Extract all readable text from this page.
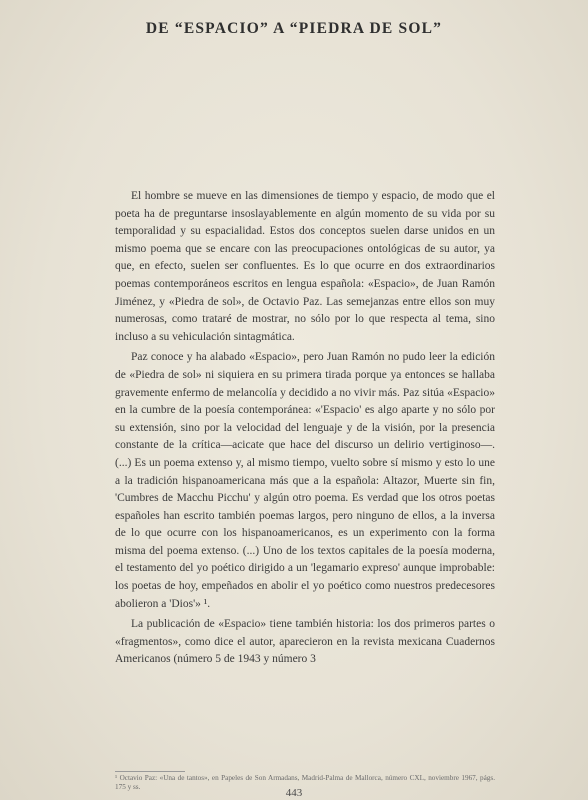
DE “ESPACIO” A “PIEDRA DE SOL”

El hombre se mueve en las dimensiones de tiempo y espacio, de modo que el poeta ha de preguntarse insoslayablemente en algún momento de su vida por su temporalidad y su espacialidad. Estos dos conceptos suelen darse unidos en un mismo poema que se encare con las preocupaciones ontológicas de su autor, ya que, en efecto, suelen ser confluentes. Es lo que ocurre en dos extraordinarios poemas contemporáneos escritos en lengua española: «Espacio», de Juan Ramón Jiménez, y «Piedra de sol», de Octavio Paz. Las semejanzas entre ellos son muy numerosas, como trataré de mostrar, no sólo por lo que respecta al tema, sino incluso a su vehiculación sintagmática.

Paz conoce y ha alabado «Espacio», pero Juan Ramón no pudo leer la edición de «Piedra de sol» ni siquiera en su primera tirada porque ya entonces se hallaba gravemente enfermo de melancolía y decidido a no vivir más. Paz sitúa «Espacio» en la cumbre de la poesía contemporánea: «'Espacio' es algo aparte y no sólo por su extensión, sino por la velocidad del lenguaje y de la visión, por la presencia constante de la crítica—acicate que hace del discurso un delirio vertiginoso—. (...) Es un poema extenso y, al mismo tiempo, vuelto sobre sí mismo y esto lo une a la tradición hispanoamericana más que a la española: Altazor, Muerte sin fin, 'Cumbres de Macchu Picchu' y algún otro poema. Es verdad que los otros poetas españoles han escrito también poemas largos, pero ninguno de ellos, a la inversa de lo que ocurre con los hispanoamericanos, es un experimento con la forma misma del poema extenso. (...) Uno de los textos capitales de la poesía moderna, el testamento del yo poético dirigido a un 'legamario expreso' aunque improbable: los poetas de hoy, empeñados en abolir el yo poético como nuestros predecesores abolieron a 'Dios'» ¹.

La publicación de «Espacio» tiene también historia: los dos primeros partes o «fragmentos», como dice el autor, aparecieron en la revista mexicana Cuadernos Americanos (número 5 de 1943 y número 3

¹ Octavio Paz: «Una de tantos», en Papeles de Son Armadans, Madrid-Palma de Mallorca, número CXL, noviembre 1967, págs. 175 y ss.	443
